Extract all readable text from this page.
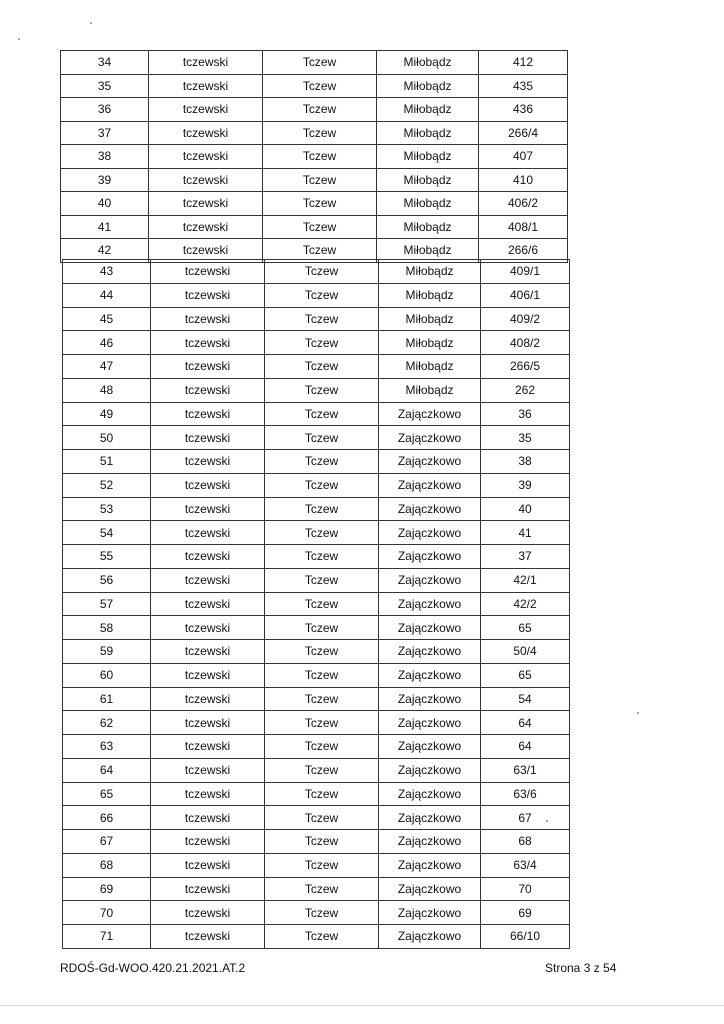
34	tczewski	Tczew	Miłobądz	412
35	tczewski	Tczew	Miłobądz	435
36	tczewski	Tczew	Miłobądz	436
37	tczewski	Tczew	Miłobądz	266/4
38	tczewski	Tczew	Miłobądz	407
39	tczewski	Tczew	Miłobądz	410
40	tczewski	Tczew	Miłobądz	406/2
41	tczewski	Tczew	Miłobądz	408/1
42	tczewski	Tczew	Miłobądz	266/6
43	tczewski	Tczew	Miłobądz	409/1
44	tczewski	Tczew	Miłobądz	406/1
45	tczewski	Tczew	Miłobądz	409/2
46	tczewski	Tczew	Miłobądz	408/2
47	tczewski	Tczew	Miłobądz	266/5
48	tczewski	Tczew	Miłobądz	262
49	tczewski	Tczew	Zajączkowo	36
50	tczewski	Tczew	Zajączkowo	35
51	tczewski	Tczew	Zajączkowo	38
52	tczewski	Tczew	Zajączkowo	39
53	tczewski	Tczew	Zajączkowo	40
54	tczewski	Tczew	Zajączkowo	41
55	tczewski	Tczew	Zajączkowo	37
56	tczewski	Tczew	Zajączkowo	42/1
57	tczewski	Tczew	Zajączkowo	42/2
58	tczewski	Tczew	Zajączkowo	65
59	tczewski	Tczew	Zajączkowo	50/4
60	tczewski	Tczew	Zajączkowo	65
61	tczewski	Tczew	Zajączkowo	54
62	tczewski	Tczew	Zajączkowo	64
63	tczewski	Tczew	Zajączkowo	64
64	tczewski	Tczew	Zajączkowo	63/1
65	tczewski	Tczew	Zajączkowo	63/6
66	tczewski	Tczew	Zajączkowo	67
67	tczewski	Tczew	Zajączkowo	68
68	tczewski	Tczew	Zajączkowo	63/4
69	tczewski	Tczew	Zajączkowo	70
70	tczewski	Tczew	Zajączkowo	69
71	tczewski	Tczew	Zajączkowo	66/10
RDOŚ-Gd-WOO.420.21.2021.AT.2	Strona 3 z 54
